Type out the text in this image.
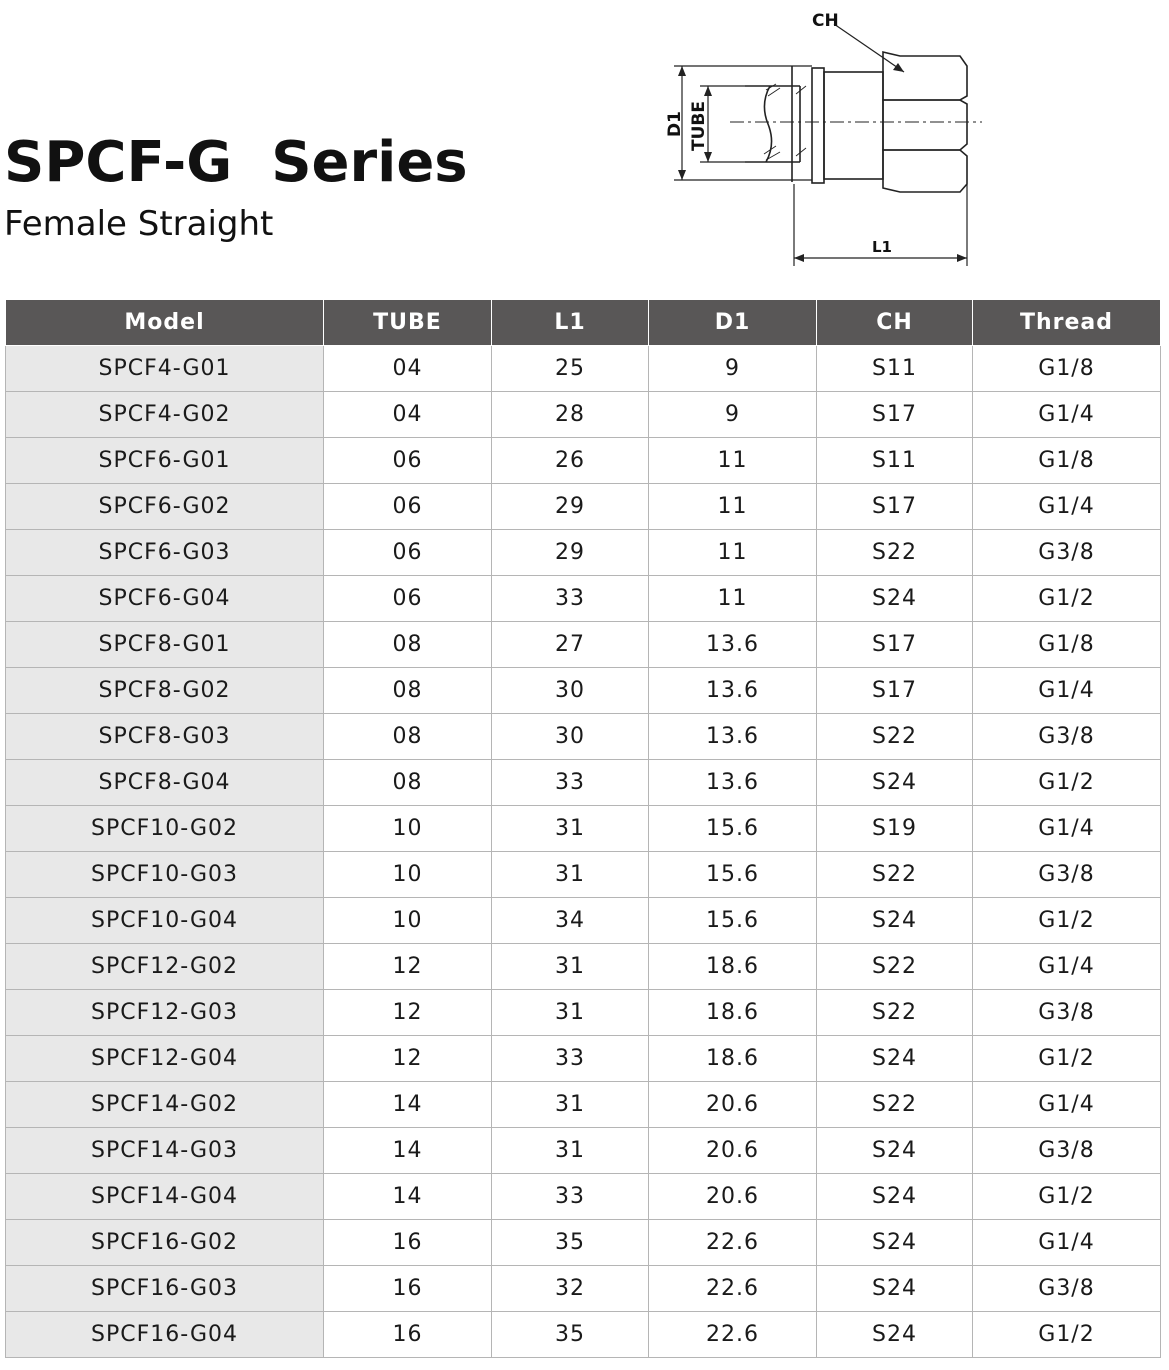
SPCF-G  Series
Female Straight
CH
L1
D1 TUBE
Model	TUBE	L1	D1	CH	Thread
SPCF4-G01	04	25	9	S11	G1/8
SPCF4-G02	04	28	9	S17	G1/4
SPCF6-G01	06	26	11	S11	G1/8
SPCF6-G02	06	29	11	S17	G1/4
SPCF6-G03	06	29	11	S22	G3/8
SPCF6-G04	06	33	11	S24	G1/2
SPCF8-G01	08	27	13.6	S17	G1/8
SPCF8-G02	08	30	13.6	S17	G1/4
SPCF8-G03	08	30	13.6	S22	G3/8
SPCF8-G04	08	33	13.6	S24	G1/2
SPCF10-G02	10	31	15.6	S19	G1/4
SPCF10-G03	10	31	15.6	S22	G3/8
SPCF10-G04	10	34	15.6	S24	G1/2
SPCF12-G02	12	31	18.6	S22	G1/4
SPCF12-G03	12	31	18.6	S22	G3/8
SPCF12-G04	12	33	18.6	S24	G1/2
SPCF14-G02	14	31	20.6	S22	G1/4
SPCF14-G03	14	31	20.6	S24	G3/8
SPCF14-G04	14	33	20.6	S24	G1/2
SPCF16-G02	16	35	22.6	S24	G1/4
SPCF16-G03	16	32	22.6	S24	G3/8
SPCF16-G04	16	35	22.6	S24	G1/2
